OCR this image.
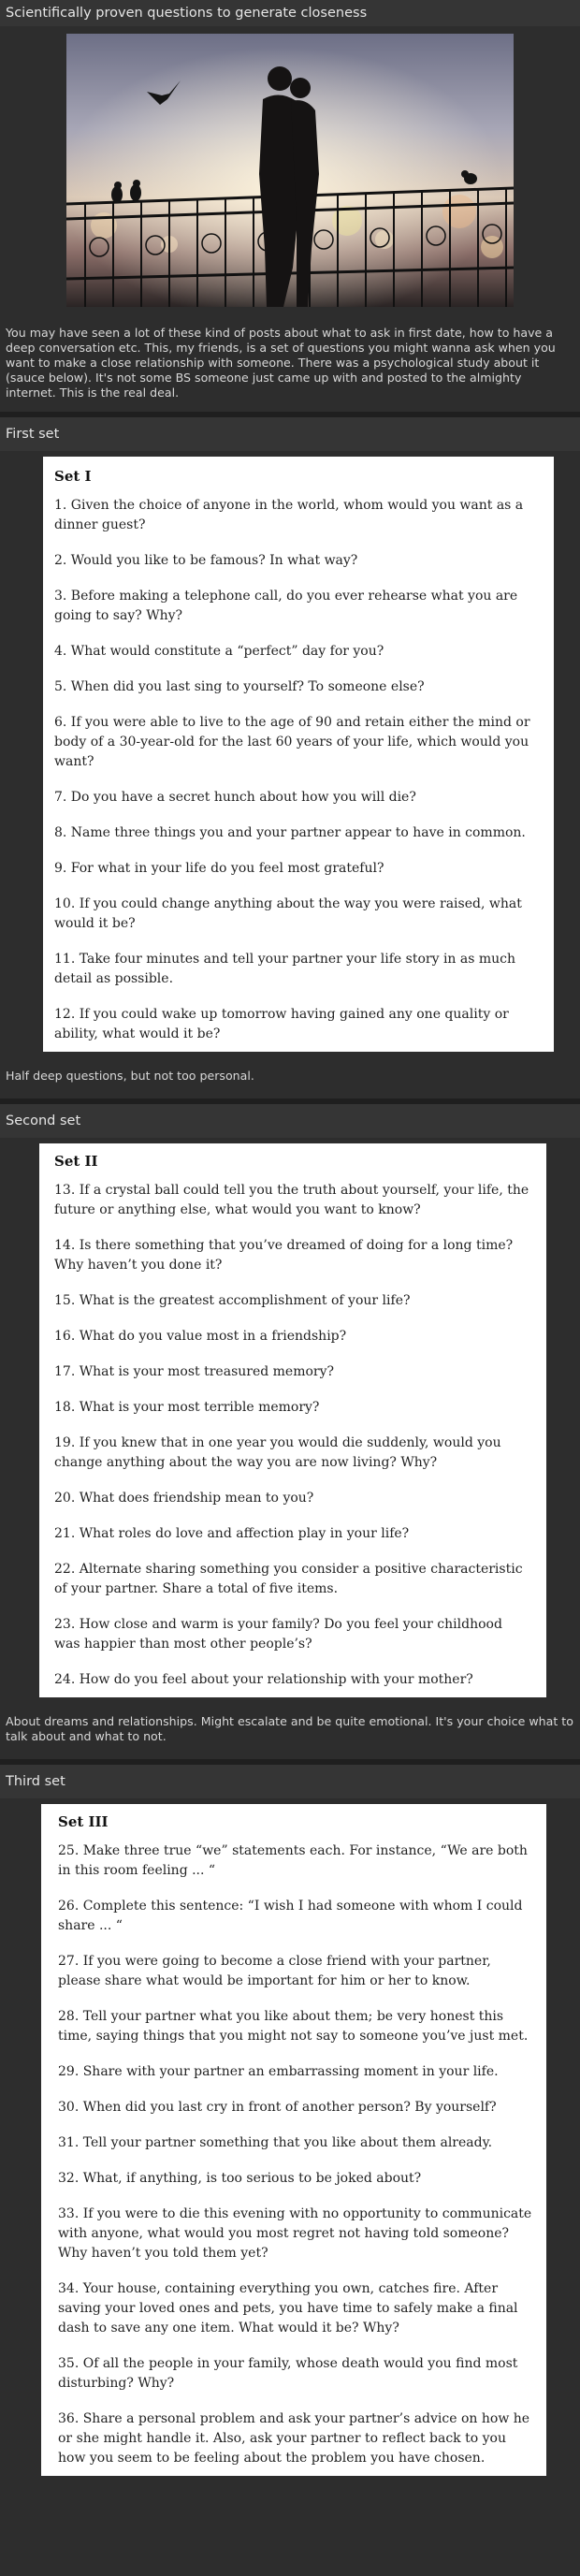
Scientifically proven questions to generate closeness
You may have seen a lot of these kind of posts about what to ask in first date, how to have a deep conversation etc. This, my friends, is a set of questions you might wanna ask when you want to make a close relationship with someone. There was a psychological study about it (sauce below). It's not some BS someone just came up with and posted to the almighty internet. This is the real deal.
First set
Set I

1. Given the choice of anyone in the world, whom would you want as a dinner guest?

2. Would you like to be famous? In what way?

3. Before making a telephone call, do you ever rehearse what you are going to say? Why?

4. What would constitute a “perfect” day for you?

5. When did you last sing to yourself? To someone else?

6. If you were able to live to the age of 90 and retain either the mind or body of a 30-year-old for the last 60 years of your life, which would you want?

7. Do you have a secret hunch about how you will die?

8. Name three things you and your partner appear to have in common.

9. For what in your life do you feel most grateful?

10. If you could change anything about the way you were raised, what would it be?

11. Take four minutes and tell your partner your life story in as much detail as possible.

12. If you could wake up tomorrow having gained any one quality or ability, what would it be?

Half deep questions, but not too personal.
Second set
Set II

13. If a crystal ball could tell you the truth about yourself, your life, the future or anything else, what would you want to know?

14. Is there something that you’ve dreamed of doing for a long time? Why haven’t you done it?

15. What is the greatest accomplishment of your life?

16. What do you value most in a friendship?

17. What is your most treasured memory?

18. What is your most terrible memory?

19. If you knew that in one year you would die suddenly, would you change anything about the way you are now living? Why?

20. What does friendship mean to you?

21. What roles do love and affection play in your life?

22. Alternate sharing something you consider a positive characteristic of your partner. Share a total of five items.

23. How close and warm is your family? Do you feel your childhood was happier than most other people’s?

24. How do you feel about your relationship with your mother?

About dreams and relationships. Might escalate and be quite emotional. It's your choice what to talk about and what to not.
Third set
Set III

25. Make three true “we” statements each. For instance, “We are both in this room feeling ... “

26. Complete this sentence: “I wish I had someone with whom I could share ... “

27. If you were going to become a close friend with your partner, please share what would be important for him or her to know.

28. Tell your partner what you like about them; be very honest this time, saying things that you might not say to someone you’ve just met.

29. Share with your partner an embarrassing moment in your life.

30. When did you last cry in front of another person? By yourself?

31. Tell your partner something that you like about them already.

32. What, if anything, is too serious to be joked about?

33. If you were to die this evening with no opportunity to communicate with anyone, what would you most regret not having told someone? Why haven’t you told them yet?

34. Your house, containing everything you own, catches fire. After saving your loved ones and pets, you have time to safely make a final dash to save any one item. What would it be? Why?

35. Of all the people in your family, whose death would you find most disturbing? Why?

36. Share a personal problem and ask your partner’s advice on how he or she might handle it. Also, ask your partner to reflect back to you how you seem to be feeling about the problem you have chosen.
